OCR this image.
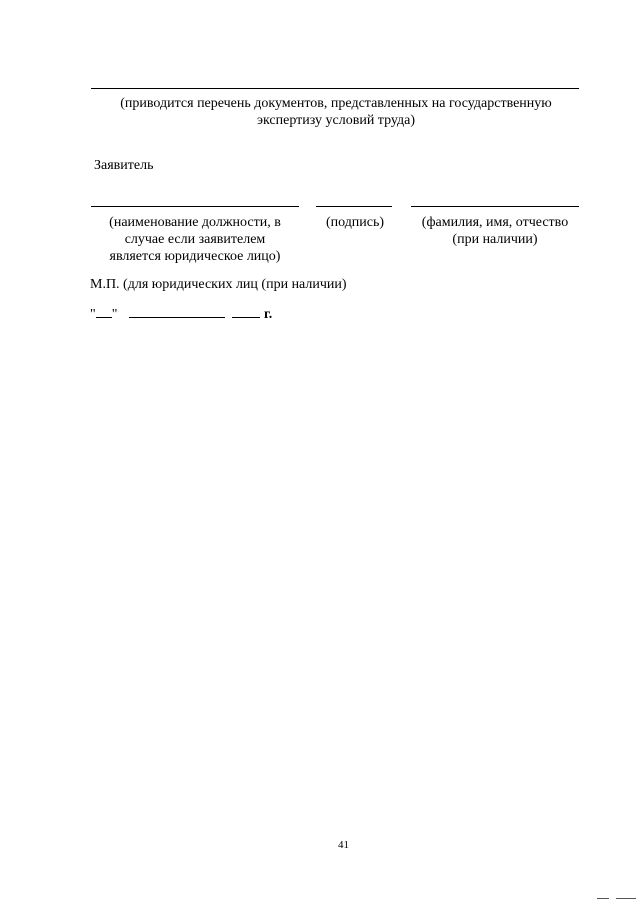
(приводится перечень документов, представленных на государственную
экспертизу условий труда)
Заявитель
(наименование должности, в
случае если заявителем
является юридическое лицо)
(подпись)	(фамилия, имя, отчество
(при наличии)
М.П. (для юридических лиц (при наличии)
" "	г.
41
